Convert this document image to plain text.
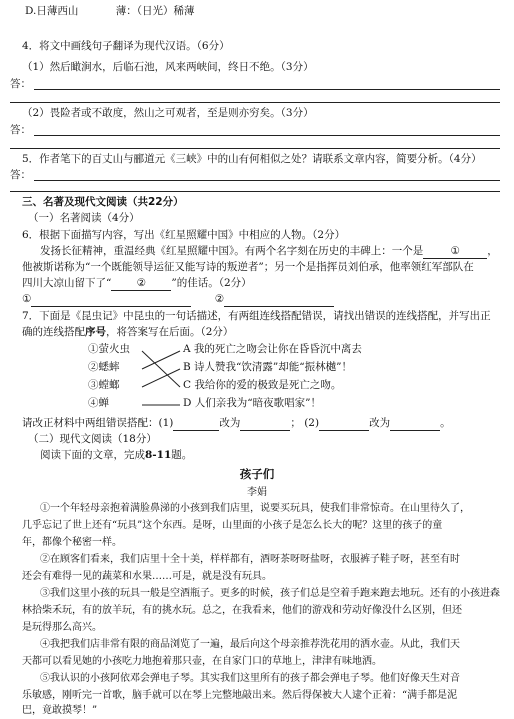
D.日薄西山	薄：（日光）稀薄
4．将文中画线句子翻译为现代汉语。（6分）
（1）然后瞰涧水，后临石池，风来两峡间，终日不绝。（3分）
答：
（2）畏险者或不敢度，然山之可观者，至是则亦穷矣。（3分）
答：
5．作者笔下的百丈山与郦道元《三峡》中的山有何相似之处？请联系文章内容，简要分析。（4分）
答：
三、名著及现代文阅读（共22分）
（一）名著阅读（4分）
6．根据下面描写内容，写出《红星照耀中国》中相应的人物。（2分）
发扬长征精神，重温经典《红星照耀中国》。有两个名字刻在历史的丰碑上：一个是	①	，
他被斯诺称为“一个既能领导运征又能写诗的叛逆者”；另一个是指挥员刘伯承，他率领红军部队在
四川大凉山留下了“ ② ”的佳话。（2分）
①	②
7．下面是《昆虫记》中昆虫的一句话描述，有两组连线搭配错误，请找出错误的连线搭配，并写出正
确的连线搭配序号，将答案写在后面。（2分）
①萤火虫
②蟋蟀
③螳螂
④蝉
A 我的死亡之吻会让你在昏昏沉中离去
B 诗人赞我“饮清露”却能“振林樾”！
C 我给你的爱的极致是死亡之吻。
D 人们亲我为“暗夜歌唱家”！
请改正材料中两组错误搭配：(1)	改为	； (2)	改为	。
（二）现代文阅读（18分）
阅读下面的文章，完成8-11题。
孩子们
李娟
①一个年轻母亲抱着满脸鼻涕的小孩到我们店里，说要买玩具，使我们非常惊奇。在山里待久了，
几乎忘记了世上还有“玩具”这个东西。是呀，山里面的小孩子是怎么长大的呢？这里的孩子的童
年，都像个秘密一样。
②在顾客们看来，我们店里十全十美，样样都有，酒呀茶呀呀盐呀，衣服裤子鞋子呀，甚至有时
还会有难得一见的蔬菜和水果……可是，就是没有玩具。
③我们这里小孩的玩具一般是空酒瓶子。更多的时候，孩子们总是空着手跑来跑去地玩。还有的小孩进森
林拾柴禾玩，有的放羊玩，有的挑水玩。总之，在我看来，他们的游戏和劳动好像没什么区别，但还
是玩得那么高兴。
④我把我们店非常有限的商品浏览了一遍，最后向这个母亲推荐洗花用的洒水壶。从此，我们天
天都可以看见她的小孩吃力地抱着那只壶，在自家门口的草地上，津津有味地洒。
⑤我认识的小孩阿依邓会弹电子琴。其实我们这里所有的孩子都会弹电子琴。他们好像天生对音
乐敏感，刚听完一首歌，脑手就可以在琴上完整地敲出来。然后得保被大人逮个正着：“满手都是泥
巴，竟敢摸琴！”
